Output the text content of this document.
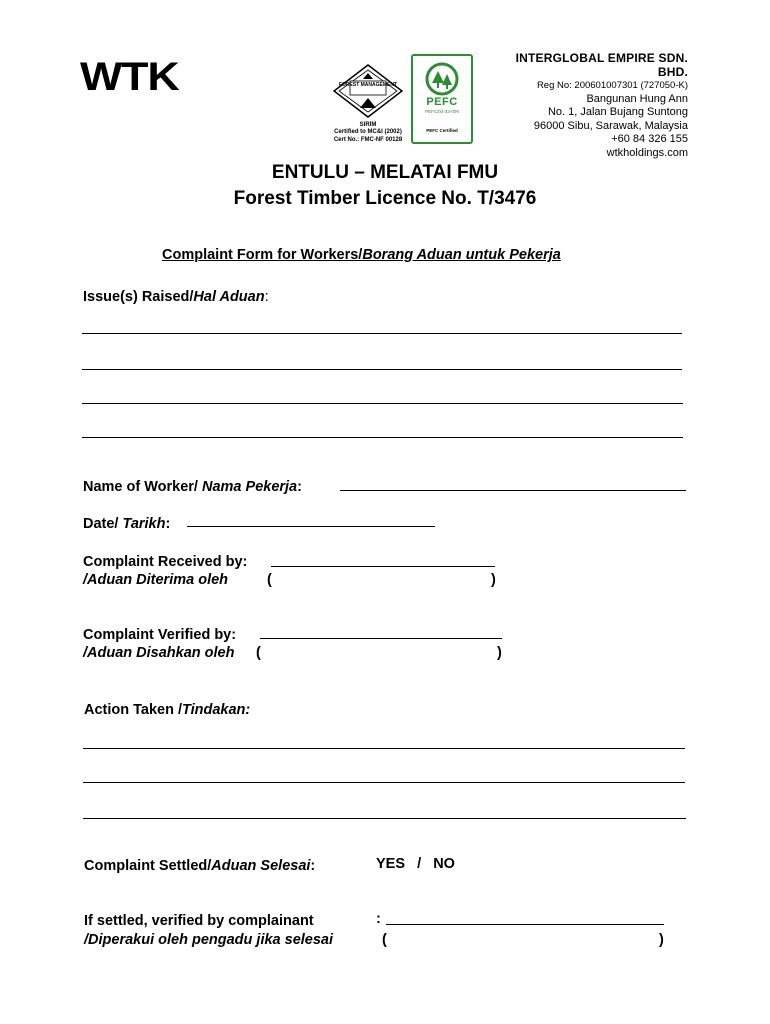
WTK	FOREST MANAGEMENT
SIRIM
Certified to MC&I (2002)
Cert No.: FMC-NF 00128
PEFC
PEFC/04-33-009
PEFC Certified
INTERGLOBAL EMPIRE SDN. BHD.
Reg No: 200601007301 (727050-K)
Bangunan Hung Ann
No. 1, Jalan Bujang Suntong
96000 Sibu, Sarawak, Malaysia
+60 84 326 155
wtkholdings.com
ENTULU – MELATAI FMU
Forest Timber Licence No. T/3476
Complaint Form for Workers/Borang Aduan untuk Pekerja
Issue(s) Raised/Hal Aduan:
Name of Worker/ Nama Pekerja:
Date/ Tarikh:
Complaint Received by:
/Aduan Diterima oleh	(	)
Complaint Verified by:
/Aduan Disahkan oleh (	)
Action Taken /Tindakan:
Complaint Settled/Aduan Selesai:	YES   /   NO
If settled, verified by complainant	:
/Diperakui oleh pengadu jika selesai	(	)
